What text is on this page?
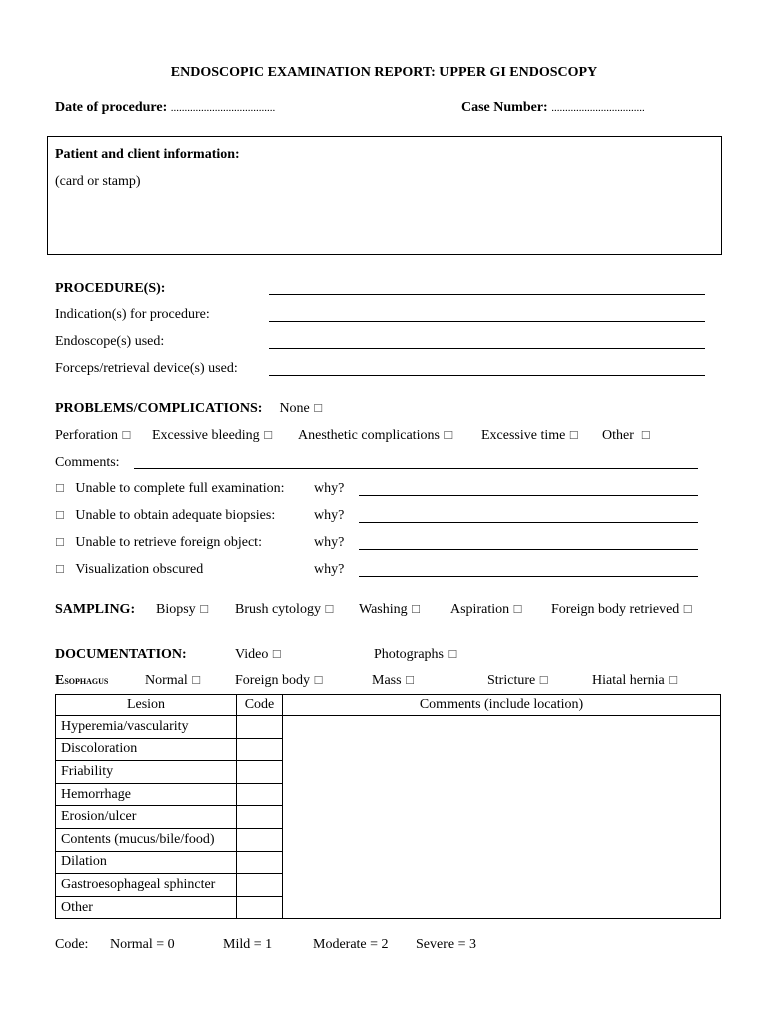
ENDOSCOPIC EXAMINATION REPORT: UPPER GI ENDOSCOPY
Date of procedure: ......................................	Case Number: ..................................
Patient and client information:
(card or stamp)
PROCEDURE(S):
Indication(s) for procedure:
Endoscope(s) used:
Forceps/retrieval device(s) used:
PROBLEMS/COMPLICATIONS: None ☐
Perforation ☐ Excessive bleeding ☐ Anesthetic complications ☐ Excessive time ☐ Other ☐
Comments:
☐ Unable to complete full examination: why?
☐ Unable to obtain adequate biopsies:	why?
☐ Unable to retrieve foreign object:	why?
☐ Visualization obscured	why?
SAMPLING: Biopsy ☐ Brush cytology ☐ Washing ☐ Aspiration ☐ Foreign body retrieved ☐
DOCUMENTATION:	Video ☐	Photographs ☐
Esophagus	Normal ☐ Foreign body ☐	Mass ☐	Stricture ☐	Hiatal hernia ☐
Lesion	Code	Comments (include location)
Hyperemia/vascularity		
Discoloration		
Friability		
Hemorrhage		
Erosion/ulcer		
Contents (mucus/bile/food)		
Dilation		
Gastroesophageal sphincter		
Other		
Code: Normal = 0	Mild = 1	Moderate = 2 Severe = 3
